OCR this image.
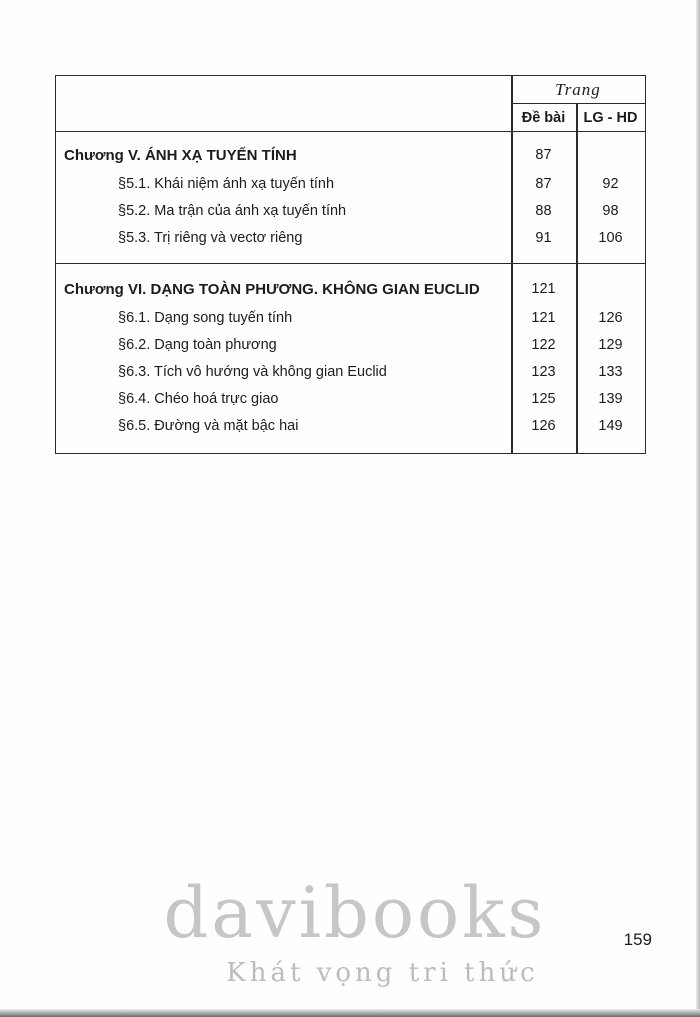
Trang
Đề bài	LG - HD
Chương V. ÁNH XẠ TUYẾN TÍNH	87
§5.1. Khái niệm ánh xạ tuyến tính	87	92
§5.2. Ma trận của ánh xạ tuyến tính	88	98
§5.3. Trị riêng và vectơ riêng	91	106
Chương VI. DẠNG TOÀN PHƯƠNG. KHÔNG GIAN EUCLID	121
§6.1. Dạng song tuyến tính	121	126
§6.2. Dạng toàn phương	122	129
§6.3. Tích vô hướng và không gian Euclid	123	133
§6.4. Chéo hoá trực giao	125	139
§6.5. Đường và mặt bậc hai	126	149
davibooks
Khát vọng tri thức
159
